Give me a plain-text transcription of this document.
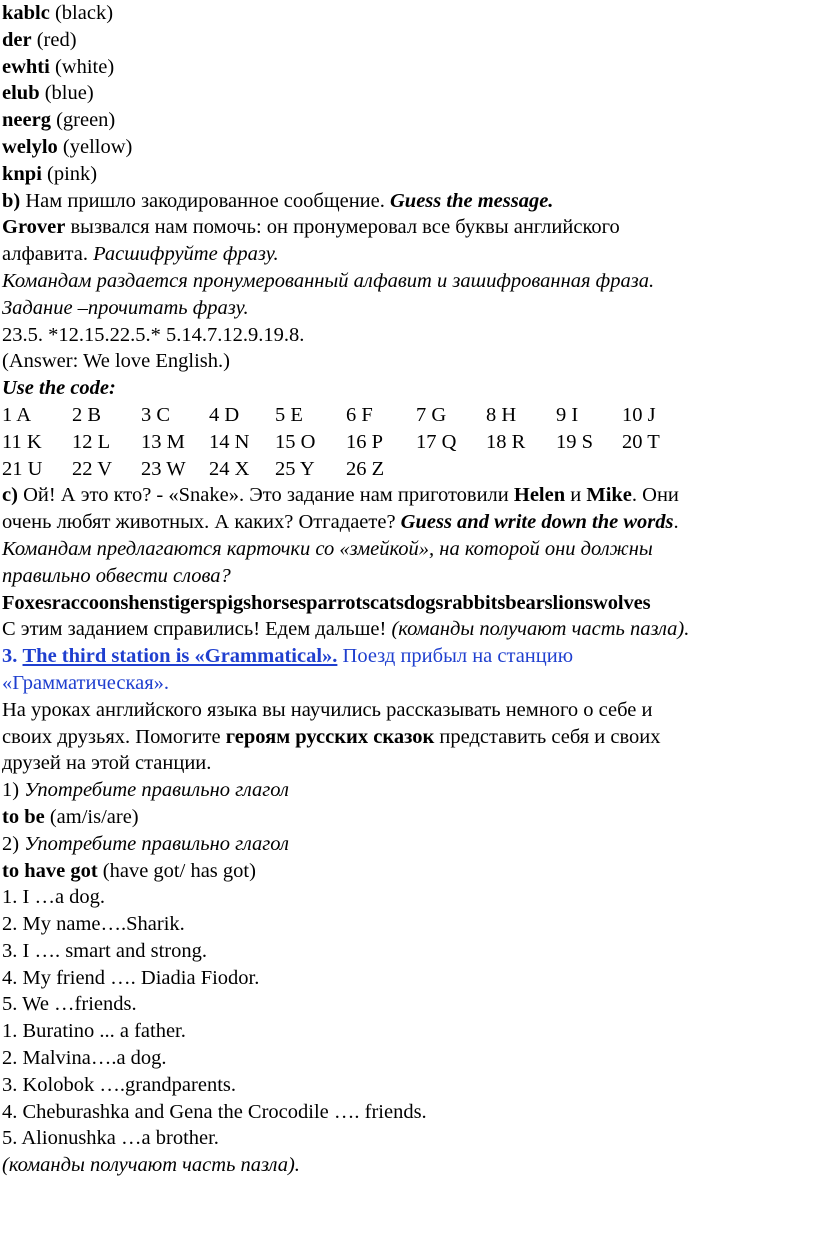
kablc (black)
der (red)
ewhti (white)
elub (blue)
neerg (green)
welylo (yellow)
knpi (pink)
b) Нам пришло закодированное сообщение. Guess the message.
Grover вызвался нам помочь: он пронумеровал все буквы английского
алфавита. Расшифруйте фразу.
Командам раздается пронумерованный алфавит и зашифрованная фраза.
Задание –прочитать фразу.
23.5. *12.15.22.5.* 5.14.7.12.9.19.8.
(Answer: We love English.)
Use the code:
1 A	2 B	3 C	4 D	5 E	6 F	7 G	8 H	9 I	10 J
11 K	12 L	13 M	14 N	15 O	16 P	17 Q	18 R	19 S	20 T
21 U	22 V	23 W	24 X	25 Y	26 Z
c) Ой! А это кто? - «Snake». Это задание нам приготовили Helen и Mike. Они
очень любят животных. А каких? Отгадаете? Guess and write down the words.
Командам предлагаются карточки со «змейкой», на которой они должны
правильно обвести слова?
Foxesraccoonshenstigerspigshorsesparrotscatsdogsrabbitsbearslionswolves
С этим заданием справились! Едем дальше! (команды получают часть пазла).
3. The third station is «Grammatical». Поезд прибыл на станцию
«Грамматическая».
На уроках английского языка вы научились рассказывать немного о себе и
своих друзьях. Помогите героям русских сказок представить себя и своих
друзей на этой станции.
1) Употребите правильно глагол
to be (am/is/are)
2) Употребите правильно глагол
to have got (have got/ has got)
1. I …a dog.
2. My name….Sharik.
3. I …. smart and strong.
4. My friend …. Diadia Fiodor.
5. We …friends.
1. Buratino ... a father.
2. Malvina….a dog.
3. Kolobok ….grandparents.
4. Cheburashka and Gena the Crocodile …. friends.
5. Alionushka …a brother.
(команды получают часть пазла).
